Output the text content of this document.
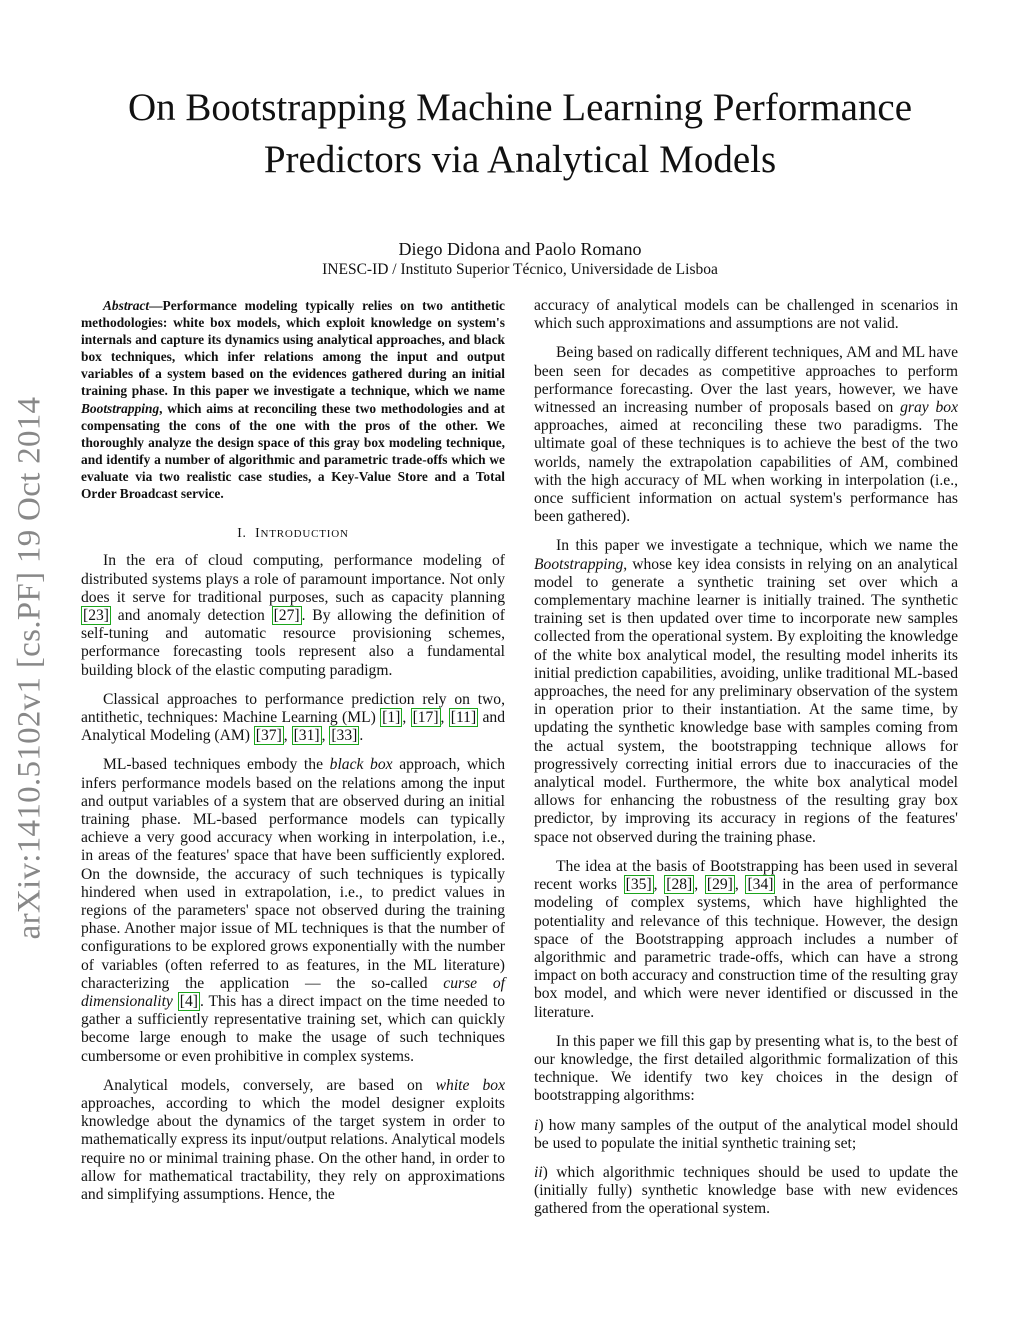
arXiv:1410.5102v1 [cs.PF] 19 Oct 2014
On Bootstrapping Machine Learning Performance
Predictors via Analytical Models
Diego Didona and Paolo Romano
INESC-ID / Instituto Superior Técnico, Universidade de Lisboa

Abstract—Performance modeling typically relies on two antithetic methodologies: white box models, which exploit knowledge on system's internals and capture its dynamics using analytical approaches, and black box techniques, which infer relations among the input and output variables of a system based on the evidences gathered during an initial training phase. In this paper we investigate a technique, which we name Bootstrapping, which aims at reconciling these two methodologies and at compensating the cons of the one with the pros of the other. We thoroughly analyze the design space of this gray box modeling technique, and identify a number of algorithmic and parametric trade-offs which we evaluate via two realistic case studies, a Key-Value Store and a Total Order Broadcast service.

I. INTRODUCTION

In the era of cloud computing, performance modeling of distributed systems plays a role of paramount importance. Not only does it serve for traditional purposes, such as capacity planning [23] and anomaly detection [27] . By allowing the definition of self-tuning and automatic resource provisioning schemes, performance forecasting tools represent also a fundamental building block of the elastic computing paradigm.

Classical approaches to performance prediction rely on two, antithetic, techniques: Machine Learning (ML) [1] , [17] , [11] and Analytical Modeling (AM) [37] , [31] , [33] .

ML-based techniques embody the black box approach, which infers performance models based on the relations among the input and output variables of a system that are observed during an initial training phase. ML-based performance models can typically achieve a very good accuracy when working in interpolation, i.e., in areas of the features' space that have been sufficiently explored. On the downside, the accuracy of such techniques is typically hindered when used in extrapolation, i.e., to predict values in regions of the parameters' space not observed during the training phase. Another major issue of ML techniques is that the number of configurations to be explored grows exponentially with the number of variables (often referred to as features, in the ML literature) characterizing the application — the so-called curse of dimensionality [4] . This has a direct impact on the time needed to gather a sufficiently representative training set, which can quickly become large enough to make the usage of such techniques cumbersome or even prohibitive in complex systems.

Analytical models, conversely, are based on white box approaches, according to which the model designer exploits knowledge about the dynamics of the target system in order to mathematically express its input/output relations. Analytical models require no or minimal training phase. On the other hand, in order to allow for mathematical tractability, they rely on approximations and simplifying assumptions. Hence, the

accuracy of analytical models can be challenged in scenarios in which such approximations and assumptions are not valid.

Being based on radically different techniques, AM and ML have been seen for decades as competitive approaches to perform performance forecasting. Over the last years, however, we have witnessed an increasing number of proposals based on gray box approaches, aimed at reconciling these two paradigms. The ultimate goal of these techniques is to achieve the best of the two worlds, namely the extrapolation capabilities of AM, combined with the high accuracy of ML when working in interpolation (i.e., once sufficient information on actual system's performance has been gathered).

In this paper we investigate a technique, which we name the Bootstrapping, whose key idea consists in relying on an analytical model to generate a synthetic training set over which a complementary machine learner is initially trained. The synthetic training set is then updated over time to incorporate new samples collected from the operational system. By exploiting the knowledge of the white box analytical model, the resulting model inherits its initial prediction capabilities, avoiding, unlike traditional ML-based approaches, the need for any preliminary observation of the system in operation prior to their instantiation. At the same time, by updating the synthetic knowledge base with samples coming from the actual system, the bootstrapping technique allows for progressively correcting initial errors due to inaccuracies of the analytical model. Furthermore, the white box analytical model allows for enhancing the robustness of the resulting gray box predictor, by improving its accuracy in regions of the features' space not observed during the training phase.

The idea at the basis of Bootstrapping has been used in several recent works [35] , [28] , [29] , [34] in the area of performance modeling of complex systems, which have highlighted the potentiality and relevance of this technique. However, the design space of the Bootstrapping approach includes a number of algorithmic and parametric trade-offs, which can have a strong impact on both accuracy and construction time of the resulting gray box model, and which were never identified or discussed in the literature.

In this paper we fill this gap by presenting what is, to the best of our knowledge, the first detailed algorithmic formalization of this technique. We identify two key choices in the design of bootstrapping algorithms:

i) how many samples of the output of the analytical model should be used to populate the initial synthetic training set;

ii) which algorithmic techniques should be used to update the (initially fully) synthetic knowledge base with new evidences gathered from the operational system.
